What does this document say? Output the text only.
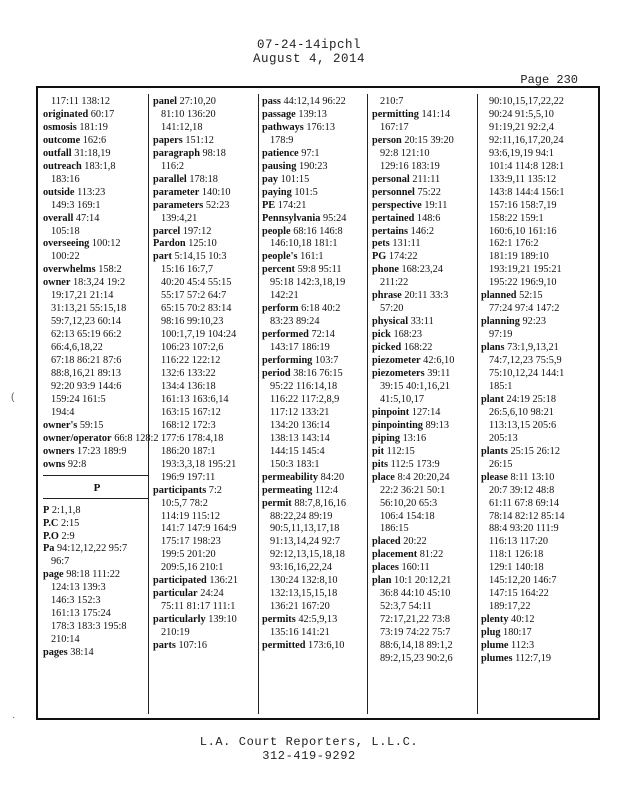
07-24-14ipchl
August 4, 2014
Page 230
117:11 138:12
originated 60:17
osmosis 181:19
outcome 162:6
outfall 31:18,19
outreach 183:1,8
183:16
outside 113:23
149:3 169:1
overall 47:14
105:18
overseeing 100:12
100:22
overwhelms 158:2
owner 18:3,24 19:2
19:17,21 21:14
31:13,21 55:15,18
59:7,12,23 60:14
62:13 65:19 66:2
66:4,6,18,22
67:18 86:21 87:6
88:8,16,21 89:13
92:20 93:9 144:6
159:24 161:5
194:4
owner's 59:15
owner/operator 66:8 128:2
owners 17:23 189:9
owns 92:8
P
P 2:1,1,8
P.C 2:15
P.O 2:9
Pa 94:12,12,22 95:7
96:7
page 98:18 111:22
124:13 139:3
146:3 152:3
161:13 175:24
178:3 183:3 195:8
210:14
pages 38:14
panel 27:10,20
81:10 136:20
141:12,18
papers 151:12
paragraph 98:18
116:2
parallel 178:18
parameter 140:10
parameters 52:23
139:4,21
parcel 197:12
Pardon 125:10
part 5:14,15 10:3
15:16 16:7,7
40:20 45:4 55:15
55:17 57:2 64:7
65:15 70:2 83:14
98:16 99:10,23
100:1,7,19 104:24
106:23 107:2,6
116:22 122:12
132:6 133:22
134:4 136:18
161:13 163:6,14
163:15 167:12
168:12 172:3
177:6 178:4,18
186:20 187:1
193:3,3,18 195:21
196:9 197:11
participants 7:2
10:5,7 78:2
114:19 115:12
141:7 147:9 164:9
175:17 198:23
199:5 201:20
209:5,16 210:1
participated 136:21
particular 24:24
75:11 81:17 111:1
particularly 139:10
210:19
parts 107:16
pass 44:12,14 96:22
passage 139:13
pathways 176:13
178:9
patience 97:1
pausing 190:23
pay 101:15
paying 101:5
PE 174:21
Pennsylvania 95:24
people 68:16 146:8
146:10,18 181:1
people's 161:1
percent 59:8 95:11
95:18 142:3,18,19
142:21
perform 6:18 40:2
83:23 89:24
performed 72:14
143:17 186:19
performing 103:7
period 38:16 76:15
95:22 116:14,18
116:22 117:2,8,9
117:12 133:21
134:20 136:14
138:13 143:14
144:15 145:4
150:3 183:1
permeability 84:20
permeating 112:4
permit 88:7,8,16,16
88:22,24 89:19
90:5,11,13,17,18
91:13,14,24 92:7
92:12,13,15,18,18
93:16,16,22,24
130:24 132:8,10
132:13,15,15,18
136:21 167:20
permits 42:5,9,13
135:16 141:21
permitted 173:6,10
210:7
permitting 141:14
167:17
person 20:15 39:20
92:8 121:10
129:16 183:19
personal 211:11
personnel 75:22
perspective 19:11
pertained 148:6
pertains 146:2
pets 131:11
PG 174:22
phone 168:23,24
211:22
phrase 20:11 33:3
57:20
physical 33:11
pick 168:23
picked 168:22
piezometer 42:6,10
piezometers 39:11
39:15 40:1,16,21
41:5,10,17
pinpoint 127:14
pinpointing 89:13
piping 13:16
pit 112:15
pits 112:5 173:9
place 8:4 20:20,24
22:2 36:21 50:1
56:10,20 65:3
106:4 154:18
186:15
placed 20:22
placement 81:22
places 160:11
plan 10:1 20:12,21
36:8 44:10 45:10
52:3,7 54:11
72:17,21,22 73:8
73:19 74:22 75:7
88:6,14,18 89:1,2
89:2,15,23 90:2,6
90:10,15,17,22,22
90:24 91:5,5,10
91:19,21 92:2,4
92:11,16,17,20,24
93:6,19,19 94:1
101:4 114:8 128:1
133:9,11 135:12
143:8 144:4 156:1
157:16 158:7,19
158:22 159:1
160:6,10 161:16
162:1 176:2
181:19 189:10
193:19,21 195:21
195:22 196:9,10
planned 52:15
77:24 97:4 147:2
planning 92:23
97:19
plans 73:1,9,13,21
74:7,12,23 75:5,9
75:10,12,24 144:1
185:1
plant 24:19 25:18
26:5,6,10 98:21
113:13,15 205:6
205:13
plants 25:15 26:12
26:15
please 8:11 13:10
20:7 39:12 48:8
61:11 67:8 69:14
78:14 82:12 85:14
88:4 93:20 111:9
116:13 117:20
118:1 126:18
129:1 140:18
145:12,20 146:7
147:15 164:22
189:17,22
plenty 40:12
plug 180:17
plume 112:3
plumes 112:7,19
(
·
L.A. Court Reporters, L.L.C.
312-419-9292
